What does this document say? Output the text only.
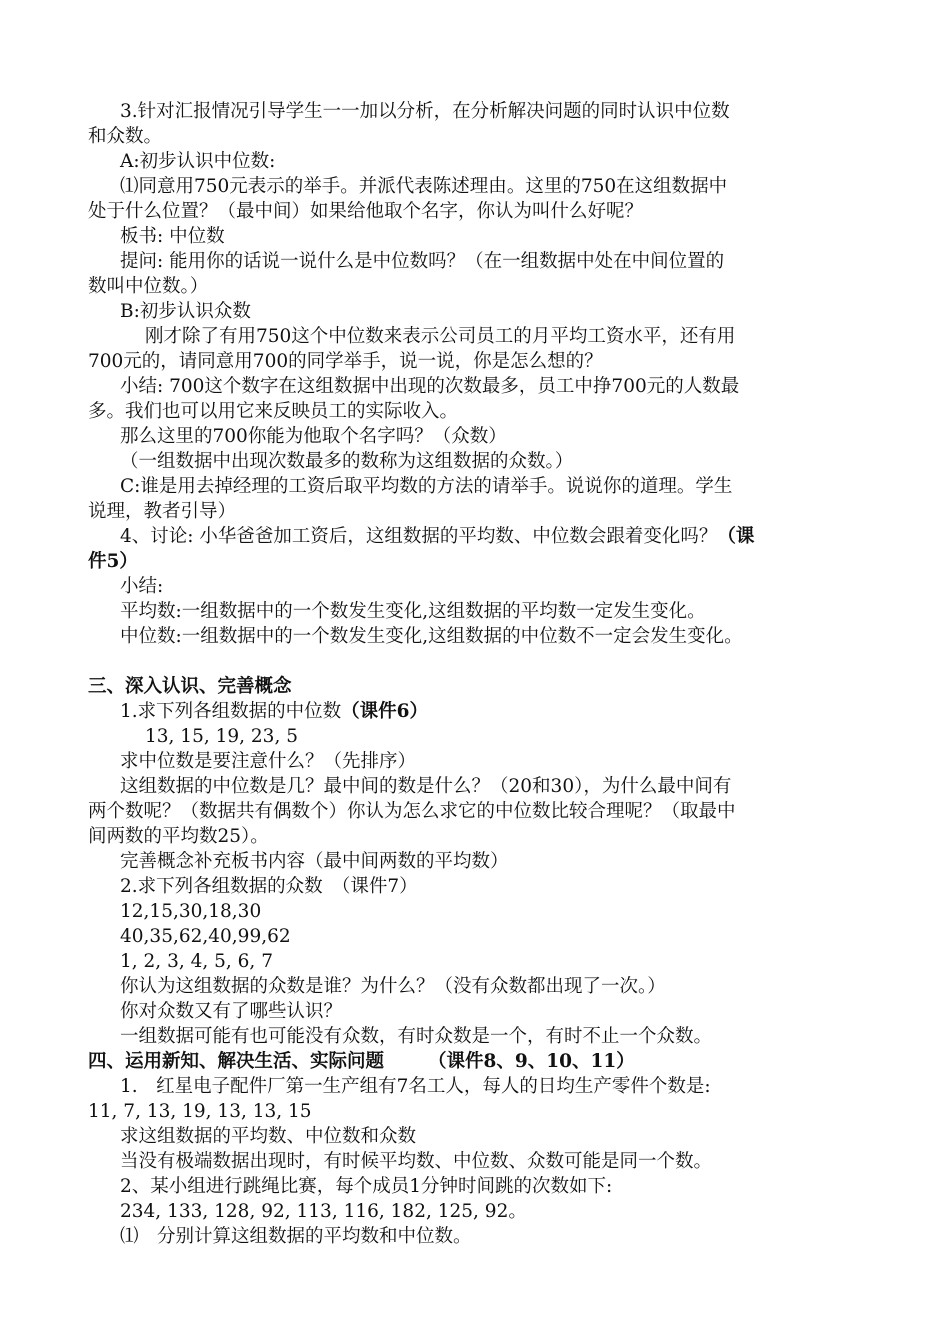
3.针对汇报情况引导学生一一加以分析，在分析解决问题的同时认识中位数
和众数。
A:初步认识中位数:
⑴同意用750元表示的举手。并派代表陈述理由。这里的750在这组数据中
处于什么位置？（最中间）如果给他取个名字，你认为叫什么好呢？
板书: 中位数
提问: 能用你的话说一说什么是中位数吗？（在一组数据中处在中间位置的
数叫中位数。）
B:初步认识众数
刚才除了有用750这个中位数来表示公司员工的月平均工资水平，还有用
700元的，请同意用700的同学举手，说一说，你是怎么想的？
小结: 700这个数字在这组数据中出现的次数最多，员工中挣700元的人数最
多。我们也可以用它来反映员工的实际收入。
那么这里的700你能为他取个名字吗？（众数）
（一组数据中出现次数最多的数称为这组数据的众数。）
C:谁是用去掉经理的工资后取平均数的方法的请举手。说说你的道理。学生
说理，教者引导）
4、讨论: 小华爸爸加工资后，这组数据的平均数、中位数会跟着变化吗？（课
件5）
小结:
平均数:一组数据中的一个数发生变化,这组数据的平均数一定发生变化。
中位数:一组数据中的一个数发生变化,这组数据的中位数不一定会发生变化。
三、深入认识、完善概念
1.求下列各组数据的中位数（课件6）
13, 15, 19, 23, 5
求中位数是要注意什么？（先排序）
这组数据的中位数是几？最中间的数是什么？（20和30），为什么最中间有
两个数呢？（数据共有偶数个）你认为怎么求它的中位数比较合理呢？（取最中
间两数的平均数25）。
完善概念补充板书内容（最中间两数的平均数）
2.求下列各组数据的众数　（课件7）
12,15,30,18,30
40,35,62,40,99,62
1, 2, 3, 4, 5, 6, 7
你认为这组数据的众数是谁？为什么？（没有众数都出现了一次。）
你对众数又有了哪些认识？
一组数据可能有也可能没有众数，有时众数是一个，有时不止一个众数。
四、运用新知、解决生活、实际问题 （课件8、9、10、11）
1.　红星电子配件厂第一生产组有7名工人，每人的日均生产零件个数是:
11, 7, 13, 19, 13, 13, 15
求这组数据的平均数、中位数和众数
当没有极端数据出现时，有时候平均数、中位数、众数可能是同一个数。
2、某小组进行跳绳比赛，每个成员1分钟时间跳的次数如下:
234, 133, 128, 92, 113, 116, 182, 125, 92。
⑴　分别计算这组数据的平均数和中位数。
